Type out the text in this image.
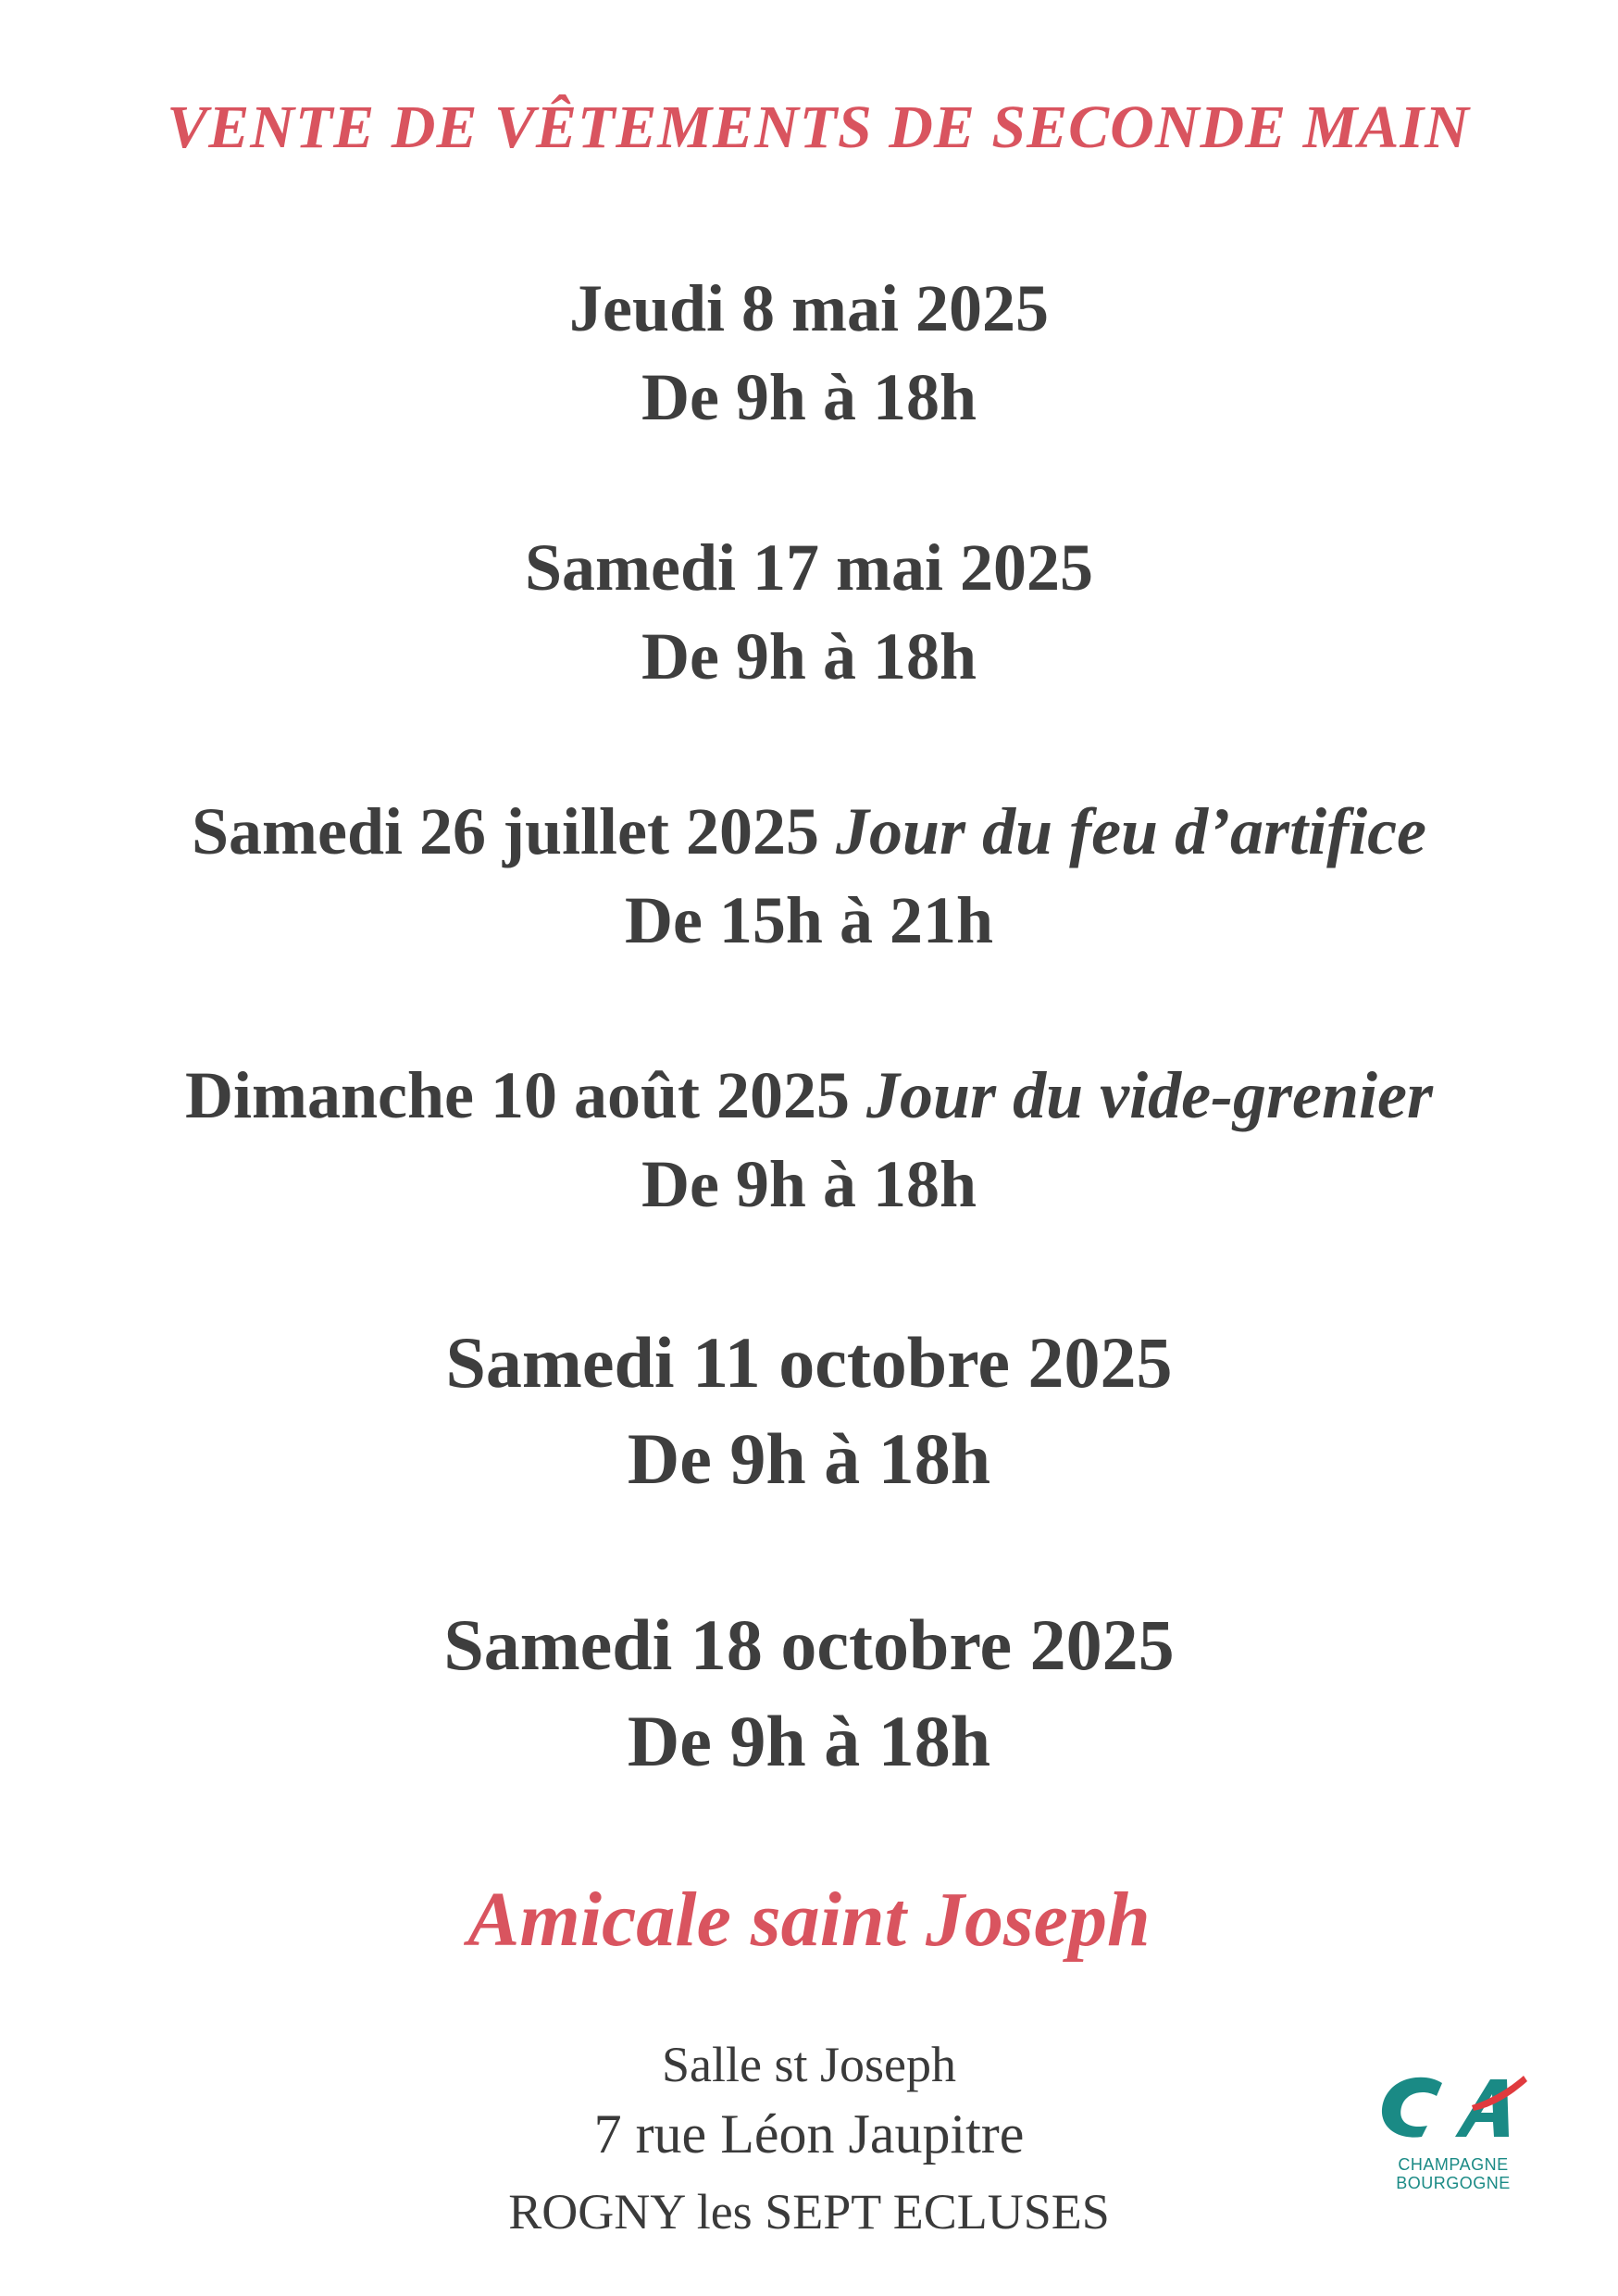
VENTE DE VÊTEMENTS DE SECONDE MAIN
Jeudi 8 mai 2025
De 9h à 18h
Samedi 17 mai 2025
De 9h à 18h
Samedi 26 juillet 2025 Jour du feu d’artifice
De 15h à 21h
Dimanche 10 août 2025 Jour du vide-grenier
De 9h à 18h
Samedi 11 octobre 2025
De 9h à 18h
Samedi 18 octobre 2025
De 9h à 18h
Amicale saint Joseph
Salle st Joseph
7 rue Léon Jaupitre
ROGNY les SEPT ECLUSES
CHAMPAGNE
BOURGOGNE
